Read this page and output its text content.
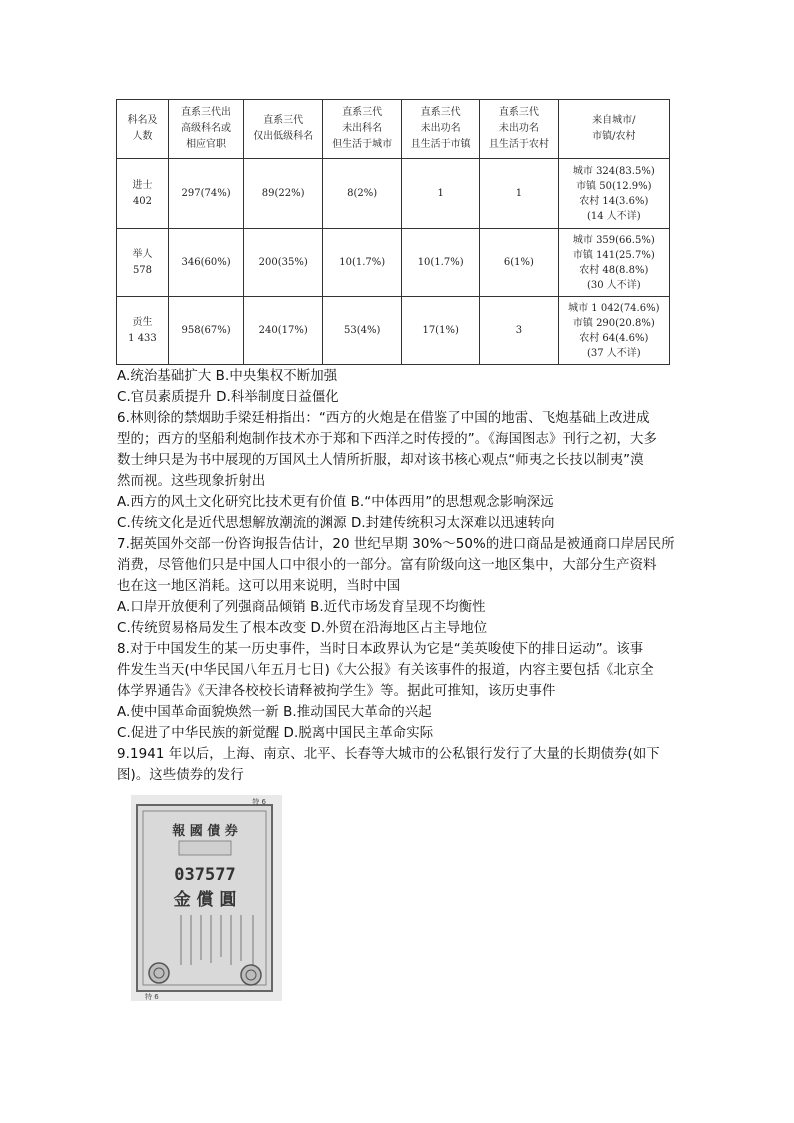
科名及
人数	直系三代出
高级科名或
相应官职	直系三代
仅出低级科名	直系三代
未出科名
但生活于城市	直系三代
未出功名
且生活于市镇	直系三代
未出功名
且生活于农村	来自城市/
市镇/农村

进士
402	297(74%)	89(22%)	8(2%)	1	1	城市 324(83.5%)
市镇 50(12.9%)
农村 14(3.6%)
(14 人不详)

举人
578	346(60%)	200(35%)	10(1.7%)	10(1.7%)	6(1%)	城市 359(66.5%)
市镇 141(25.7%)
农村 48(8.8%)
(30 人不详)

贡生
1 433	958(67%)	240(17%)	53(4%)	17(1%)	3	城市 1 042(74.6%)
市镇 290(20.8%)
农村 64(4.6%)
(37 人不详)
A.统治基础扩大 B.中央集权不断加强
C.官员素质提升 D.科举制度日益僵化
6.林则徐的禁烟助手梁廷枏指出：“西方的火炮是在借鉴了中国的地雷、飞炮基础上改进成
型的；西方的坚船利炮制作技术亦于郑和下西洋之时传授的”。《海国图志》刊行之初，大多
数士绅只是为书中展现的万国风土人情所折服，却对该书核心观点“师夷之长技以制夷”漠
然而视。这些现象折射出
A.西方的风土文化研究比技术更有价值 B.“中体西用”的思想观念影响深远
C.传统文化是近代思想解放潮流的渊源 D.封建传统积习太深难以迅速转向
7.据英国外交部一份咨询报告估计，20 世纪早期 30%～50%的进口商品是被通商口岸居民所
消费，尽管他们只是中国人口中很小的一部分。富有阶级向这一地区集中，大部分生产资料
也在这一地区消耗。这可以用来说明，当时中国
A.口岸开放便利了列强商品倾销 B.近代市场发育呈现不均衡性
C.传统贸易格局发生了根本改变 D.外贸在沿海地区占主导地位
8.对于中国发生的某一历史事件，当时日本政界认为它是“美英唆使下的排日运动”。该事
件发生当天(中华民国八年五月七日)《大公报》有关该事件的报道，内容主要包括《北京全
体学界通告》《天津各校校长请释被拘学生》等。据此可推知，该历史事件
A.使中国革命面貌焕然一新 B.推动国民大革命的兴起
C.促进了中华民族的新觉醒 D.脱离中国民主革命实际
9.1941 年以后，上海、南京、北平、长春等大城市的公私银行发行了大量的长期债券(如下
图)。这些债券的发行
特 6
特 6
報 國 債 券
037577
金 償 圓
